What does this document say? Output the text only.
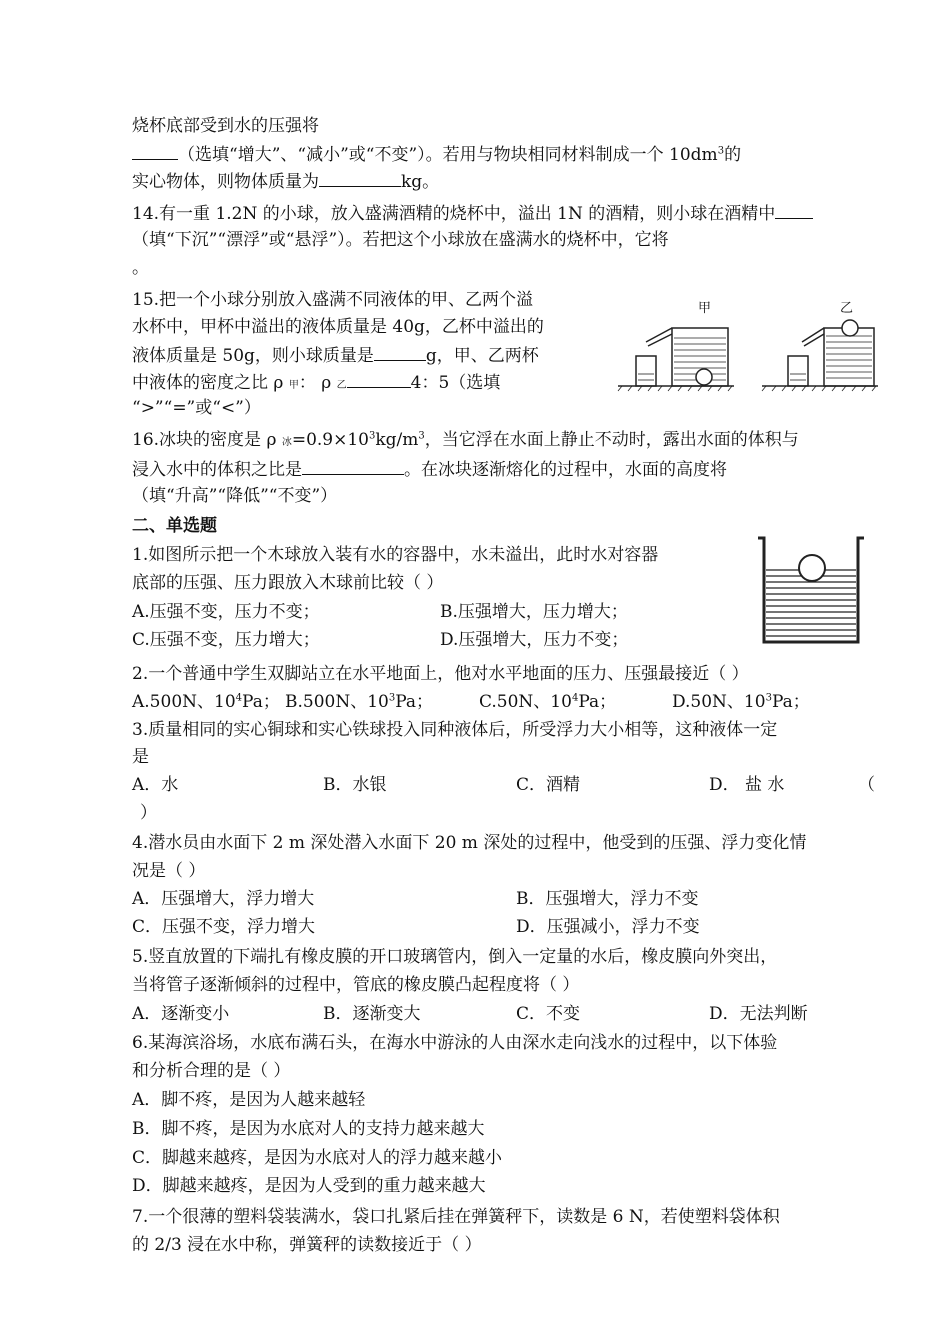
烧杯底部受到水的压强将
（选填“增大”、“减小”或“不变”）。若用与物块相同材料制成一个 $10dm^3$的
实心物体，则物体质量为	kg。
14.有一重 1.2N 的小球，放入盛满酒精的烧杯中，溢出 1N 的酒精，则小球在酒精中
（填“下沉”“漂浮”或“悬浮”）。若把这个小球放在盛满水的烧杯中，它将
。
15.把一个小球分别放入盛满不同液体的甲、乙两个溢
水杯中，甲杯中溢出的液体质量是 40g，乙杯中溢出的
液体质量是 50g，则小球质量是	g，甲、乙两杯
中液体的密度之比 ρ 甲： ρ 乙	4：5（选填
“>”“=”或“<”）
甲	乙
16.冰块的密度是 ρ 冰$=0.9\times 10^3kg/m^3$，当它浮在水面上静止不动时，露出水面的体积与
浸入水中的体积之比是	。在冰块逐渐熔化的过程中，水面的高度将
（填“升高”“降低”“不变”）
二、单选题
1.如图所示把一个木球放入装有水的容器中，水未溢出，此时水对容器
底部的压强、压力跟放入木球前比较（ ）
A.压强不变，压力不变；	B.压强增大，压力增大；
C.压强不变，压力增大；	D.压强增大，压力不变；
2.一个普通中学生双脚站立在水平地面上，他对水平地面的压力、压强最接近（ ）
A.500N、$10^4Pa$； B.500N、$10^3Pa$；	C.50N、$10^4Pa$；	D.50N、$10^3Pa$；
3.质量相同的实心铜球和实心铁球投入同种液体后，所受浮力大小相等，这种液体一定
是
A．水	B．水银	C．酒精	D． 盐 水	（
）
4.潜水员由水面下 2 m 深处潜入水面下 20 m 深处的过程中，他受到的压强、浮力变化情
况是（ ）
A．压强增大，浮力增大	B．压强增大，浮力不变
C．压强不变，浮力增大	D．压强减小，浮力不变
5.竖直放置的下端扎有橡皮膜的开口玻璃管内，倒入一定量的水后，橡皮膜向外突出，
当将管子逐渐倾斜的过程中，管底的橡皮膜凸起程度将（ ）
A．逐渐变小	B．逐渐变大	C．不变	D．无法判断
6.某海滨浴场，水底布满石头，在海水中游泳的人由深水走向浅水的过程中，以下体验
和分析合理的是（ ）
A．脚不疼，是因为人越来越轻
B．脚不疼，是因为水底对人的支持力越来越大
C．脚越来越疼，是因为水底对人的浮力越来越小
D．脚越来越疼，是因为人受到的重力越来越大
7.一个很薄的塑料袋装满水，袋口扎紧后挂在弹簧秤下，读数是 6 N，若使塑料袋体积
的 2/3 浸在水中称，弹簧秤的读数接近于（ ）
